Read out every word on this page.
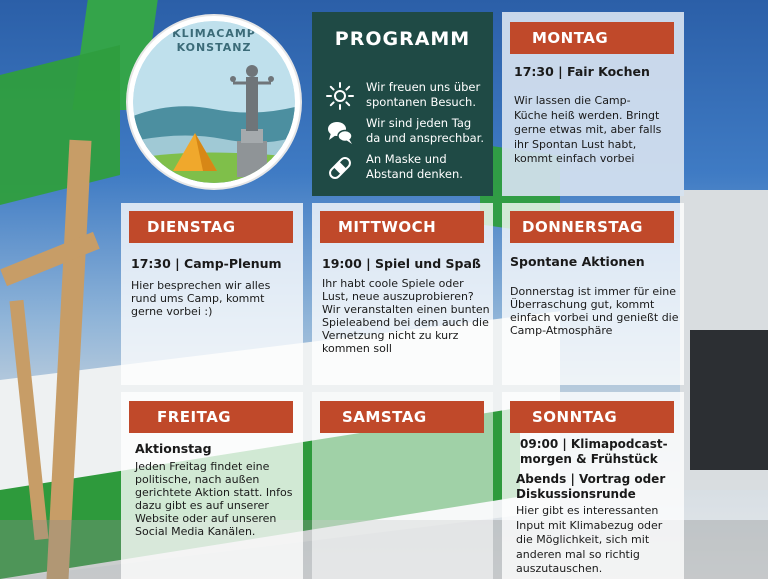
KLIMACAMP
KONSTANZ	PROGRAMM
Wir freuen uns über
spontanen Besuch.
Wir sind jeden Tag
da und ansprechbar.
An Maske und
Abstand denken.
MONTAG
17:30 | Fair Kochen
Wir lassen die Camp-
Küche heiß werden. Bringt
gerne etwas mit, aber falls
ihr Spontan Lust habt,
kommt einfach vorbei
DIENSTAG
17:30 | Camp-Plenum
Hier besprechen wir alles
rund ums Camp, kommt
gerne vorbei :)
MITTWOCH
19:00 | Spiel und Spaß
Ihr habt coole Spiele oder
Lust, neue auszuprobieren?
Wir veranstalten einen bunten
Spieleabend bei dem auch die
Vernetzung nicht zu kurz
kommen soll
DONNERSTAG
Spontane Aktionen
Donnerstag ist immer für eine
Überraschung gut, kommt
einfach vorbei und genießt die
Camp-Atmosphäre
FREITAG
Aktionstag
Jeden Freitag findet eine
politische, nach außen
gerichtete Aktion statt. Infos
dazu gibt es auf unserer
Website oder auf unseren
Social Media Kanälen.
SAMSTAG	SONNTAG
09:00 | Klimapodcast-
morgen & Frühstück
Abends | Vortrag oder
Diskussionsrunde
Hier gibt es interessanten
Input mit Klimabezug oder
die Möglichkeit, sich mit
anderen mal so richtig
auszutauschen.
